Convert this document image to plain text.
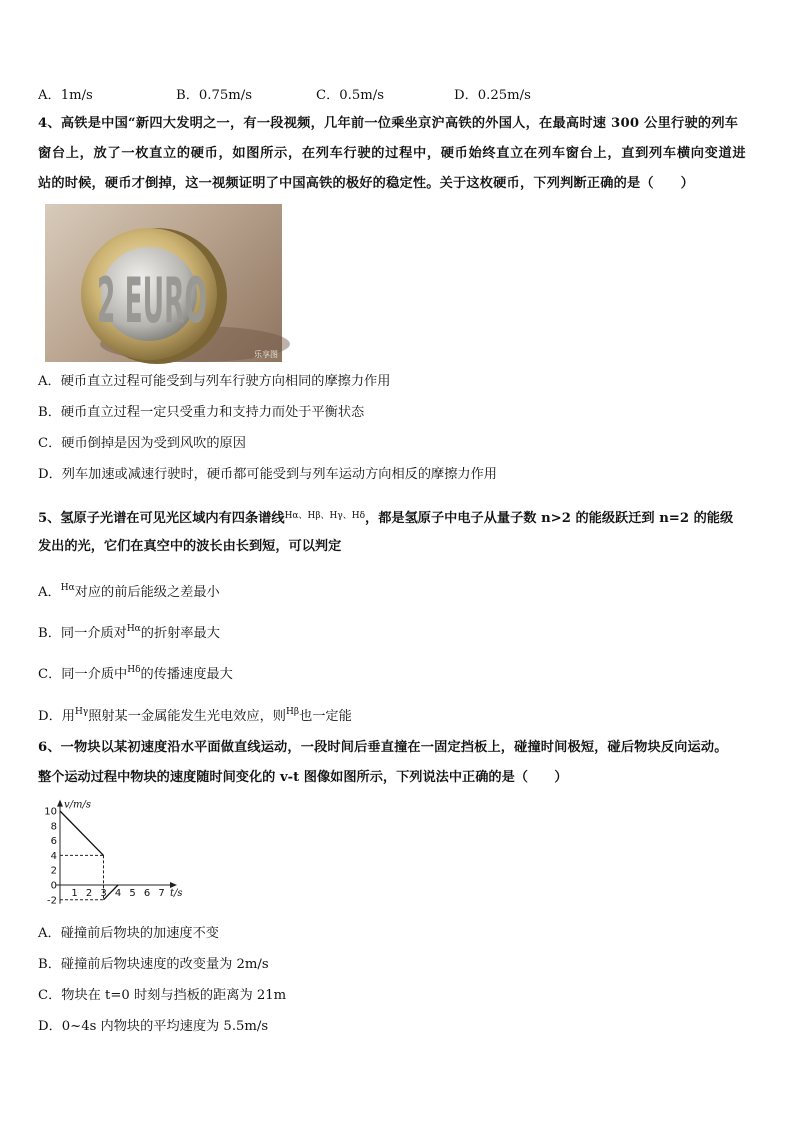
A．1m/s	B．0.75m/s	C．0.5m/s	D．0.25m/s
4、高铁是中国“新四大发明之一，有一段视频，几年前一位乘坐京沪高铁的外国人，在最高时速 300 公里行驶的列车
窗台上，放了一枚直立的硬币，如图所示，在列车行驶的过程中，硬币始终直立在列车窗台上，直到列车横向变道进
站的时候，硬币才倒掉，这一视频证明了中国高铁的极好的稳定性。关于这枚硬币，下列判断正确的是（　　）
2 EURO
乐享图
A．硬币直立过程可能受到与列车行驶方向相同的摩擦力作用
B．硬币直立过程一定只受重力和支持力而处于平衡状态
C．硬币倒掉是因为受到风吹的原因
D．列车加速或减速行驶时，硬币都可能受到与列车运动方向相反的摩擦力作用
5、氢原子光谱在可见光区域内有四条谱线$^{H\alpha、H\beta、H\gamma、H\delta}$，都是氢原子中电子从量子数 n>2 的能级跃迁到 n=2 的能级
发出的光，它们在真空中的波长由长到短，可以判定
A．$^{H\alpha}$对应的前后能级之差最小
B．同一介质对$^{H\alpha}$的折射率最大
C．同一介质中$^{H\delta}$的传播速度最大
D．用$^{H\gamma}$照射某一金属能发生光电效应，则$^{H\beta}$也一定能
6、一物块以某初速度沿水平面做直线运动，一段时间后垂直撞在一固定挡板上，碰撞时间极短，碰后物块反向运动。
整个运动过程中物块的速度随时间变化的 v-t 图像如图所示，下列说法中正确的是（　　）
-2
0
2
4
6
8
10
1 2 3 4 5 6 7
v/m/s
t/s
A．碰撞前后物块的加速度不变
B．碰撞前后物块速度的改变量为 2m/s
C．物块在 t=0 时刻与挡板的距离为 21m
D．0~4s 内物块的平均速度为 5.5m/s
